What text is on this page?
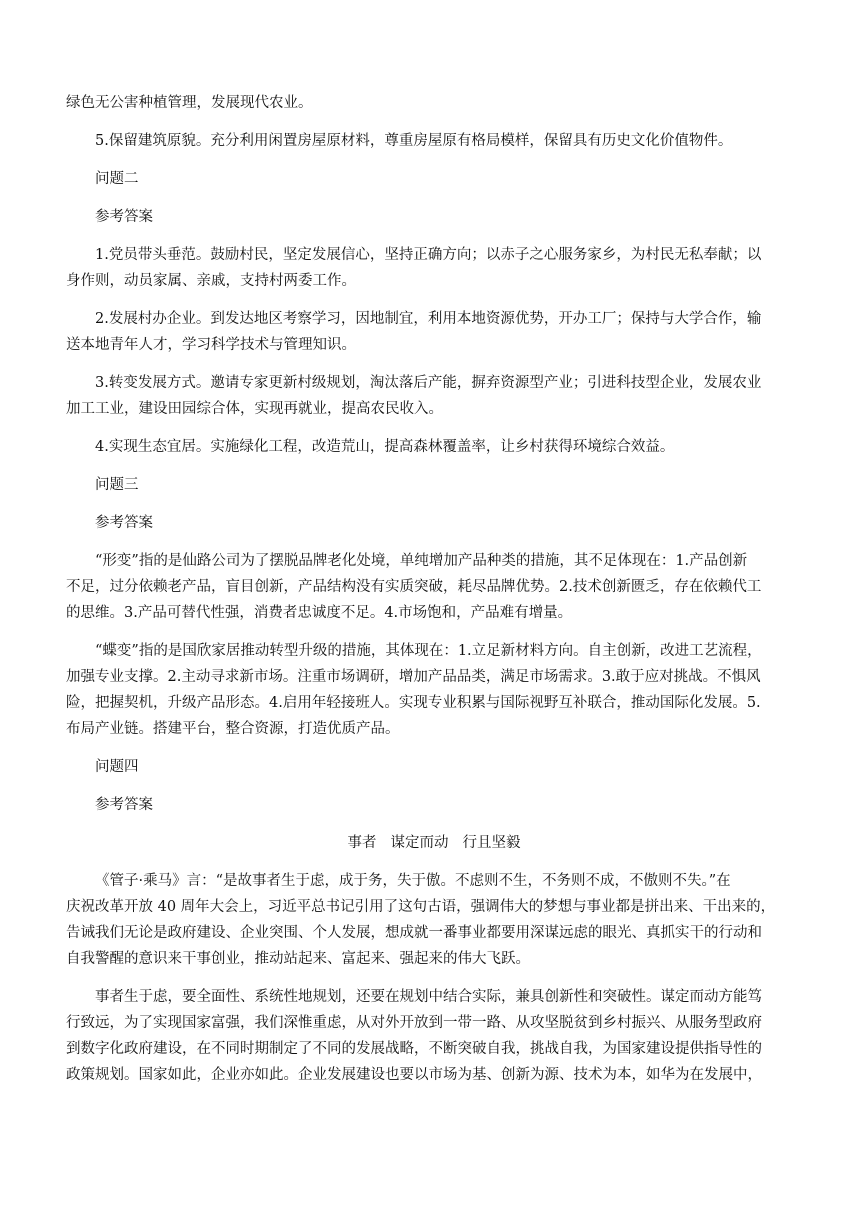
绿色无公害种植管理，发展现代农业。

5.保留建筑原貌。充分利用闲置房屋原材料，尊重房屋原有格局模样，保留具有历史文化价值物件。

问题二

参考答案

1.党员带头垂范。鼓励村民，坚定发展信心，坚持正确方向；以赤子之心服务家乡，为村民无私奉献；以
身作则，动员家属、亲戚，支持村两委工作。

2.发展村办企业。到发达地区考察学习，因地制宜，利用本地资源优势，开办工厂；保持与大学合作，输
送本地青年人才，学习科学技术与管理知识。

3.转变发展方式。邀请专家更新村级规划，淘汰落后产能，摒弃资源型产业；引进科技型企业，发展农业
加工工业，建设田园综合体，实现再就业，提高农民收入。

4.实现生态宜居。实施绿化工程，改造荒山，提高森林覆盖率，让乡村获得环境综合效益。

问题三

参考答案

“形变”指的是仙路公司为了摆脱品牌老化处境，单纯增加产品种类的措施，其不足体现在：1.产品创新
不足，过分依赖老产品，盲目创新，产品结构没有实质突破，耗尽品牌优势。2.技术创新匮乏，存在依赖代工
的思维。3.产品可替代性强，消费者忠诚度不足。4.市场饱和，产品难有增量。

“蝶变”指的是国欣家居推动转型升级的措施，其体现在：1.立足新材料方向。自主创新，改进工艺流程，
加强专业支撑。2.主动寻求新市场。注重市场调研，增加产品品类，满足市场需求。3.敢于应对挑战。不惧风
险，把握契机，升级产品形态。4.启用年轻接班人。实现专业积累与国际视野互补联合，推动国际化发展。5.
布局产业链。搭建平台，整合资源，打造优质产品。

问题四

参考答案

事者 谋定而动 行且坚毅

《管子·乘马》言：“是故事者生于虑，成于务，失于傲。不虑则不生，不务则不成，不傲则不失。”在
庆祝改革开放 40 周年大会上，习近平总书记引用了这句古语，强调伟大的梦想与事业都是拼出来、干出来的，
告诫我们无论是政府建设、企业突围、个人发展，想成就一番事业都要用深谋远虑的眼光、真抓实干的行动和
自我警醒的意识来干事创业，推动站起来、富起来、强起来的伟大飞跃。

事者生于虑，要全面性、系统性地规划，还要在规划中结合实际，兼具创新性和突破性。谋定而动方能笃
行致远，为了实现国家富强，我们深惟重虑，从对外开放到一带一路、从攻坚脱贫到乡村振兴、从服务型政府
到数字化政府建设，在不同时期制定了不同的发展战略，不断突破自我，挑战自我，为国家建设提供指导性的
政策规划。国家如此，企业亦如此。企业发展建设也要以市场为基、创新为源、技术为本，如华为在发展中，
